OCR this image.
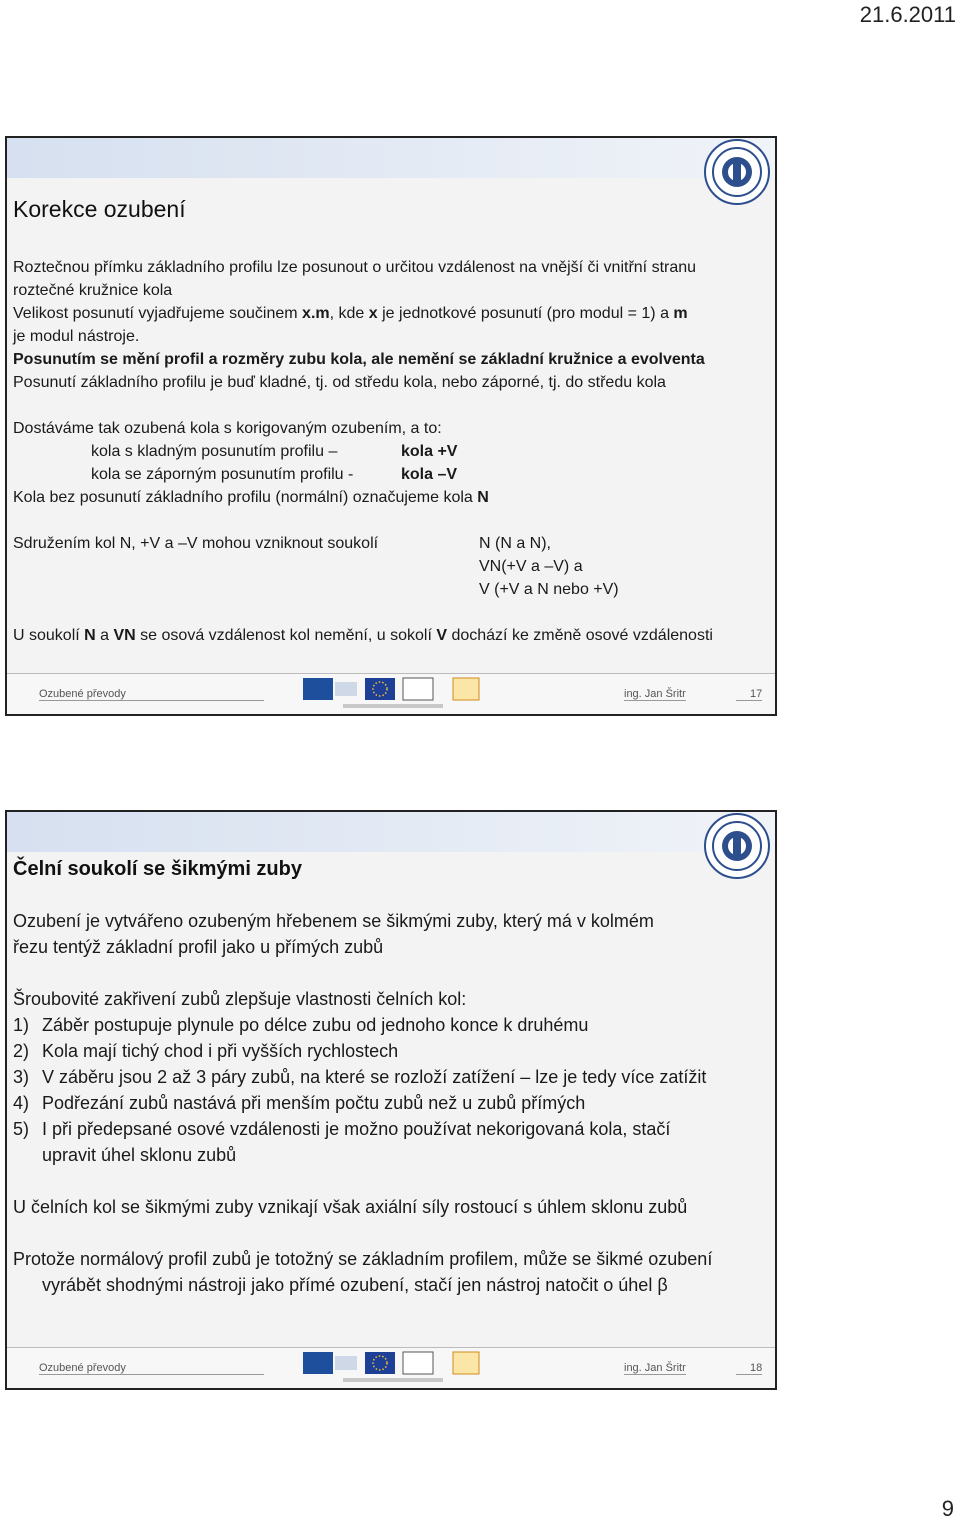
21.6.2011
Korekce ozubení

Roztečnou přímku základního profilu lze posunout o určitou vzdálenost na vnější či vnitřní stranu

roztečné kružnice kola

Velikost posunutí vyjadřujeme součinem x.m, kde x je jednotkové posunutí (pro modul = 1) a m

je modul nástroje.

Posunutím se mění profil a rozměry zubu kola, ale nemění se základní kružnice a evolventa

Posunutí základního profilu je buď kladné, tj. od středu kola, nebo záporné, tj. do středu kola

Dostáváme tak ozubená kola s korigovaným ozubením, a to:

kola s kladným posunutím profilu –	kola +V

kola se záporným posunutím profilu -	kola –V

Kola bez posunutí základního profilu (normální) označujeme kola N

Sdružením kol N, +V a –V mohou vzniknout soukolí	N (N a N),

VN(+V a –V) a

V (+V a N nebo +V)

U soukolí N a VN se osová vzdálenost kol nemění, u sokolí V dochází ke změně osové vzdálenosti

Ozubené převody	ing. Jan Šritr	17
Čelní soukolí se šikmými zuby

Ozubení je vytvářeno ozubeným hřebenem se šikmými zuby, který má v kolmém

řezu tentýž základní profil jako u přímých zubů

Šroubovité zakřivení zubů zlepšuje vlastnosti čelních kol:

1) Záběr postupuje plynule po délce zubu od jednoho konce k druhému
2) Kola mají tichý chod i při vyšších rychlostech
3) V záběru jsou 2 až 3 páry zubů, na které se rozloží zatížení – lze je tedy více zatížit
4) Podřezání zubů nastává při menším počtu zubů než u zubů přímých
5) I při předepsané osové vzdálenosti je možno používat nekorigovaná kola, stačí upravit úhel sklonu zubů

U čelních kol se šikmými zuby vznikají však axiální síly rostoucí s úhlem sklonu zubů

Protože normálový profil zubů je totožný se základním profilem, může se šikmé ozubení vyrábět shodnými nástroji jako přímé ozubení, stačí jen nástroj natočit o úhel β

Ozubené převody	ing. Jan Šritr	18
9
